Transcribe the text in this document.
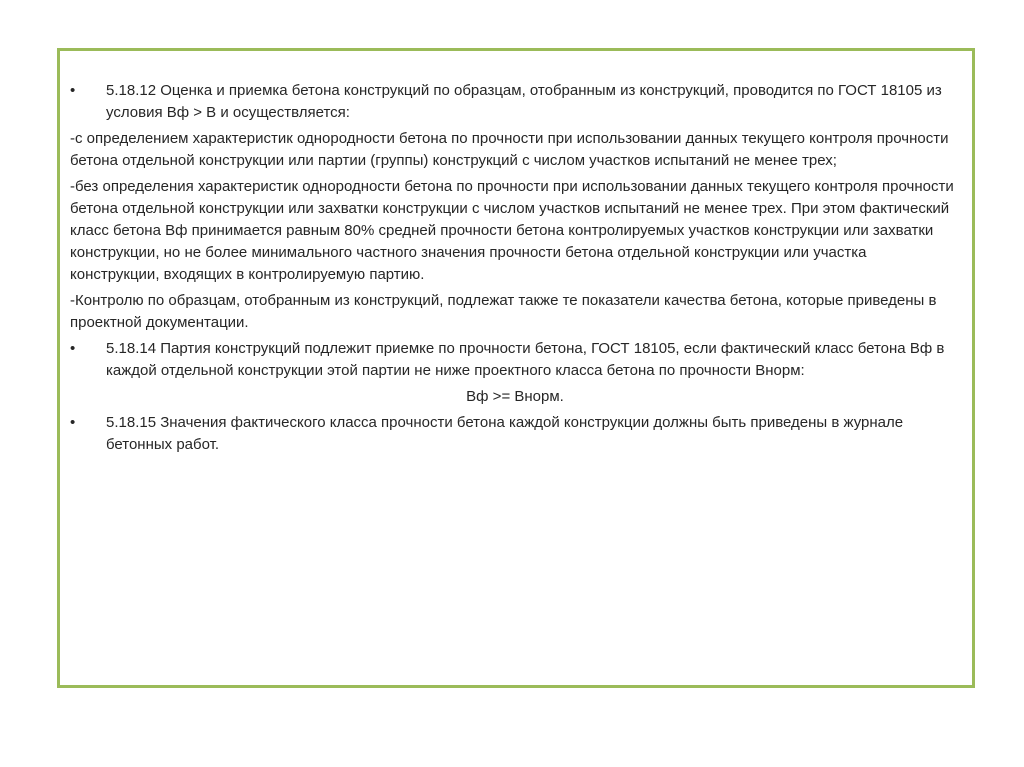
• 5.18.12 Оценка и приемка бетона конструкций по образцам, отобранным из конструкций, проводится по ГОСТ 18105 из условия Вф > В и осуществляется:

-с определением характеристик однородности бетона по прочности при использовании данных текущего контроля прочности бетона отдельной конструкции или партии (группы) конструкций с числом участков испытаний не менее трех;

-без определения характеристик однородности бетона по прочности при использовании данных текущего контроля прочности бетона отдельной конструкции или захватки конструкции с числом участков испытаний не менее трех. При этом фактический класс бетона Вф принимается равным 80% средней прочности бетона контролируемых участков конструкции или захватки конструкции, но не более минимального частного значения прочности бетона отдельной конструкции или участка конструкции, входящих в контролируемую партию.

-Контролю по образцам, отобранным из конструкций, подлежат также те показатели качества бетона, которые приведены в проектной документации.

• 5.18.14 Партия конструкций подлежит приемке по прочности бетона, ГОСТ 18105, если фактический класс бетона Вф в каждой отдельной конструкции этой партии не ниже проектного класса бетона по прочности Внорм:

Вф >= Внорм.

• 5.18.15 Значения фактического класса прочности бетона каждой конструкции должны быть приведены в журнале бетонных работ.
